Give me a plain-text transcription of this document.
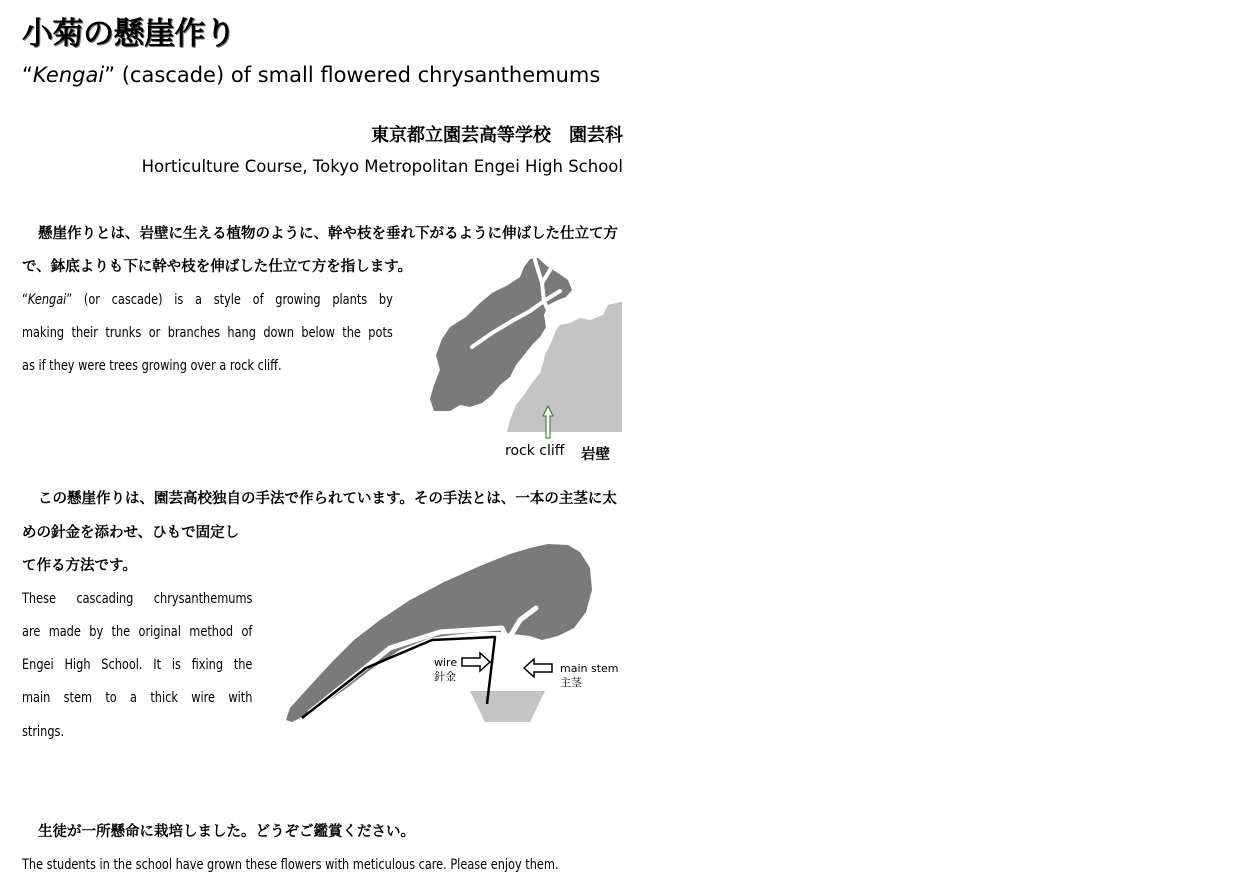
小菊の懸崖作り
“Kengai” (cascade) of small flowered chrysanthemums
東京都立園芸高等学校　園芸科
Horticulture Course, Tokyo Metropolitan Engei High School
懸崖作りとは、岩壁に生える植物のように、幹や枝を垂れ下がるように伸ばした仕立て方
で、鉢底よりも下に幹や枝を伸ばした仕立て方を指します。
“Kengai” (or cascade) is a style of growing plants by
making their trunks or branches hang down below the pots
as if they were trees growing over a rock cliff.
rock cliff 岩壁
この懸崖作りは、園芸高校独自の手法で作られています。その手法とは、一本の主茎に太
めの針金を添わせ、ひもで固定し
て作る方法です。
These cascading chrysanthemums
are made by the original method of
Engei High School. It is fixing the
main stem to a thick wire with
strings.
wire
針金
main stem
主茎
生徒が一所懸命に栽培しました。どうぞご鑑賞ください。
The students in the school have grown these flowers with meticulous care. Please enjoy them.
